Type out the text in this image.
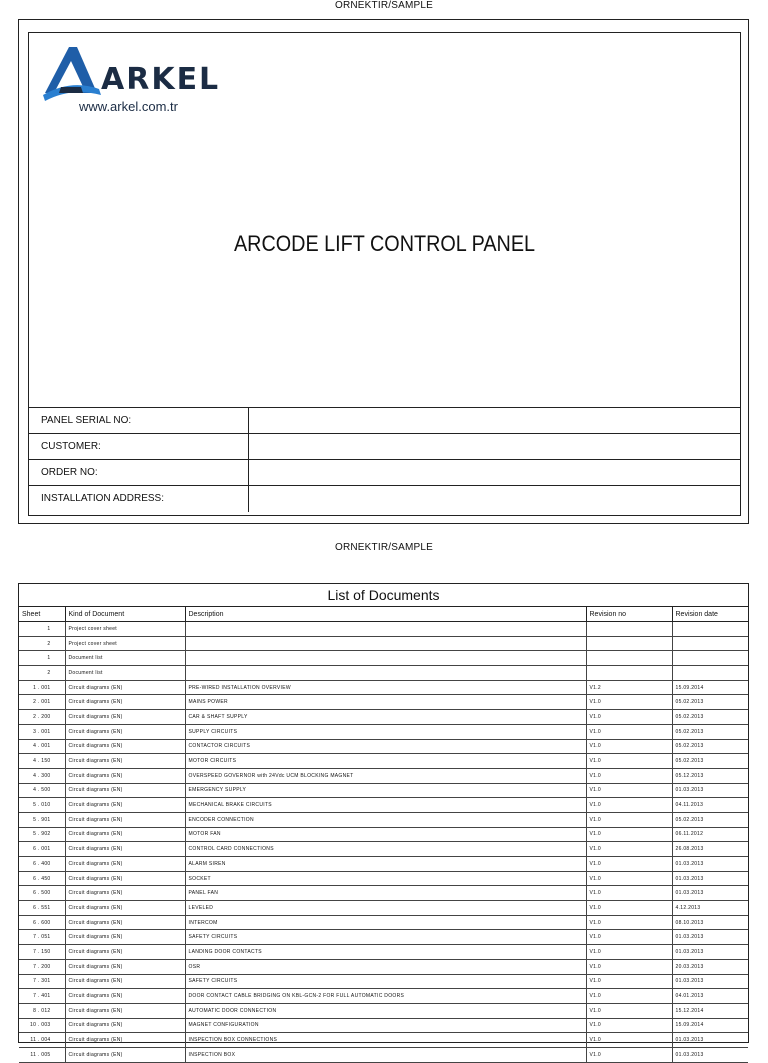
ORNEKTIR/SAMPLE
ARKEL
www.arkel.com.tr
ARCODE LIFT CONTROL PANEL
PANEL SERIAL NO:	
CUSTOMER:	
ORDER NO:	
INSTALLATION ADDRESS:	
ORNEKTIR/SAMPLE
List of Documents
Sheet	Kind of Document	Description	Revision no	Revision date
1	Project cover sheet			
2	Project cover sheet			
1	Document list			
2	Document list			
1 . 001	Circuit diagrams (EN)	PRE-WIRED INSTALLATION OVERVIEW	V1.2	15.09.2014
2 . 001	Circuit diagrams (EN)	MAINS POWER	V1.0	05.02.2013
2 . 200	Circuit diagrams (EN)	CAR & SHAFT SUPPLY	V1.0	05.02.2013
3 . 001	Circuit diagrams (EN)	SUPPLY CIRCUITS	V1.0	05.02.2013
4 . 001	Circuit diagrams (EN)	CONTACTOR CIRCUITS	V1.0	05.02.2013
4 . 150	Circuit diagrams (EN)	MOTOR CIRCUITS	V1.0	05.02.2013
4 . 300	Circuit diagrams (EN)	OVERSPEED GOVERNOR with 24Vdc UCM BLOCKING MAGNET	V1.0	05.12.2013
4 . 500	Circuit diagrams (EN)	EMERGENCY SUPPLY	V1.0	01.03.2013
5 . 010	Circuit diagrams (EN)	MECHANICAL BRAKE CIRCUITS	V1.0	04.11.2013
5 . 901	Circuit diagrams (EN)	ENCODER CONNECTION	V1.0	05.02.2013
5 . 902	Circuit diagrams (EN)	MOTOR FAN	V1.0	06.11.2012
6 . 001	Circuit diagrams (EN)	CONTROL CARD CONNECTIONS	V1.0	26.08.2013
6 . 400	Circuit diagrams (EN)	ALARM SIREN	V1.0	01.03.2013
6 . 450	Circuit diagrams (EN)	SOCKET	V1.0	01.03.2013
6 . 500	Circuit diagrams (EN)	PANEL FAN	V1.0	01.03.2013
6 . 551	Circuit diagrams (EN)	LEVELED	V1.0	4.12.2013
6 . 600	Circuit diagrams (EN)	INTERCOM	V1.0	08.10.2013
7 . 051	Circuit diagrams (EN)	SAFETY CIRCUITS	V1.0	01.03.2013
7 . 150	Circuit diagrams (EN)	LANDING DOOR CONTACTS	V1.0	01.03.2013
7 . 200	Circuit diagrams (EN)	OSR	V1.0	20.03.2013
7 . 301	Circuit diagrams (EN)	SAFETY CIRCUITS	V1.0	01.03.2013
7 . 401	Circuit diagrams (EN)	DOOR CONTACT CABLE BRIDGING ON KBL-GCN-2 FOR FULL AUTOMATIC DOORS	V1.0	04.01.2013
8 . 012	Circuit diagrams (EN)	AUTOMATIC DOOR CONNECTION	V1.0	15.12.2014
10 . 003	Circuit diagrams (EN)	MAGNET CONFIGURATION	V1.0	15.09.2014
11 . 004	Circuit diagrams (EN)	INSPECTION BOX CONNECTIONS	V1.0	01.03.2013
11 . 005	Circuit diagrams (EN)	INSPECTION BOX	V1.0	01.03.2013
